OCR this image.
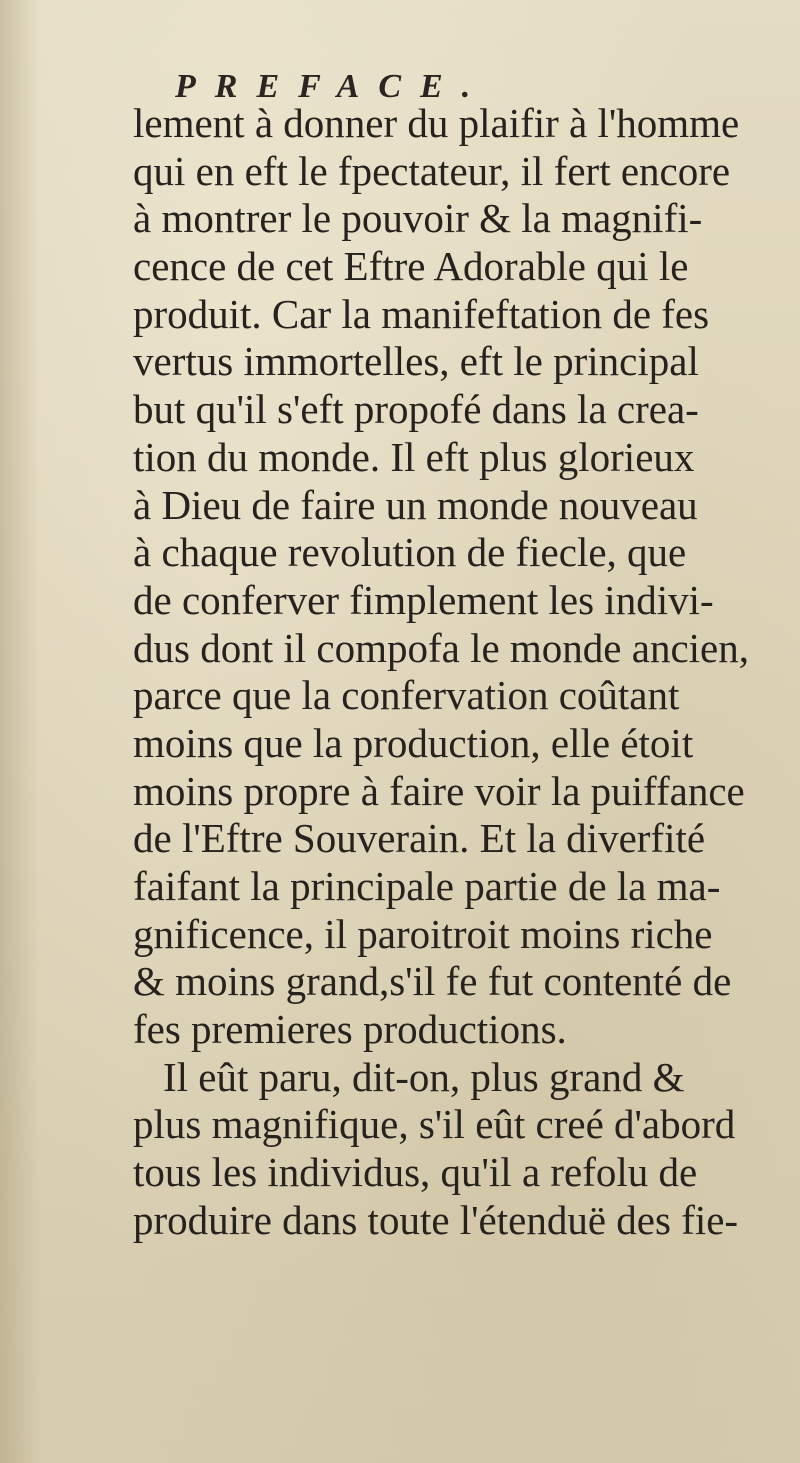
PREFACE.
lement à donner du plaifir à l'homme
qui en eft le fpectateur, il fert encore
à montrer le pouvoir & la magnifi-
cence de cet Eftre Adorable qui le
produit. Car la manifeftation de fes
vertus immortelles, eft le principal
but qu'il s'eft propofé dans la crea-
tion du monde. Il eft plus glorieux
à Dieu de faire un monde nouveau
à chaque revolution de fiecle, que
de conferver fimplement les indivi-
dus dont il compofa le monde ancien,
parce que la confervation coûtant
moins que la production, elle étoit
moins propre à faire voir la puiffance
de l'Eftre Souverain. Et la diverfité
faifant la principale partie de la ma-
gnificence, il paroitroit moins riche
& moins grand,s'il fe fut contenté de
fes premieres productions.
Il eût paru, dit-on, plus grand &
plus magnifique, s'il eût creé d'abord
tous les individus, qu'il a refolu de
produire dans toute l'étenduë des fie-
